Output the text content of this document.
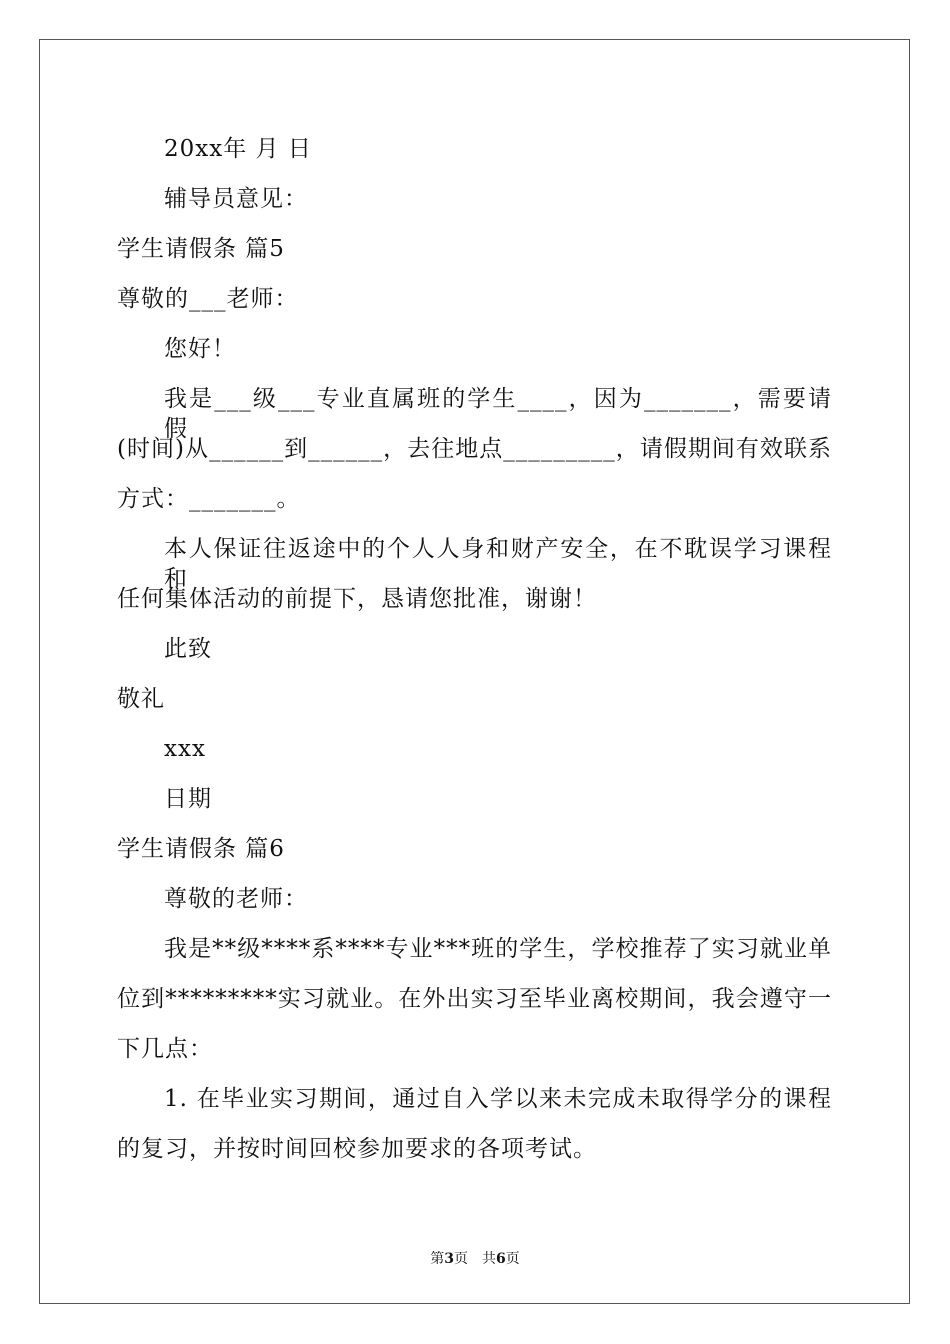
20xx年 月 日
辅导员意见：
学生请假条 篇5
尊敬的___老师：
您好！
我是___级___专业直属班的学生____，因为_______，需要请假
(时间)从______到______，去往地点_________，请假期间有效联系
方式：_______。
本人保证往返途中的个人人身和财产安全，在不耽误学习课程和
任何集体活动的前提下，恳请您批准，谢谢！
此致
敬礼
xxx
日期
学生请假条 篇6
尊敬的老师：
我是**级****系****专业***班的学生，学校推荐了实习就业单
位到*********实习就业。在外出实习至毕业离校期间，我会遵守一
下几点：
1. 在毕业实习期间，通过自入学以来未完成未取得学分的课程
的复习，并按时间回校参加要求的各项考试。
第3页　共6页
